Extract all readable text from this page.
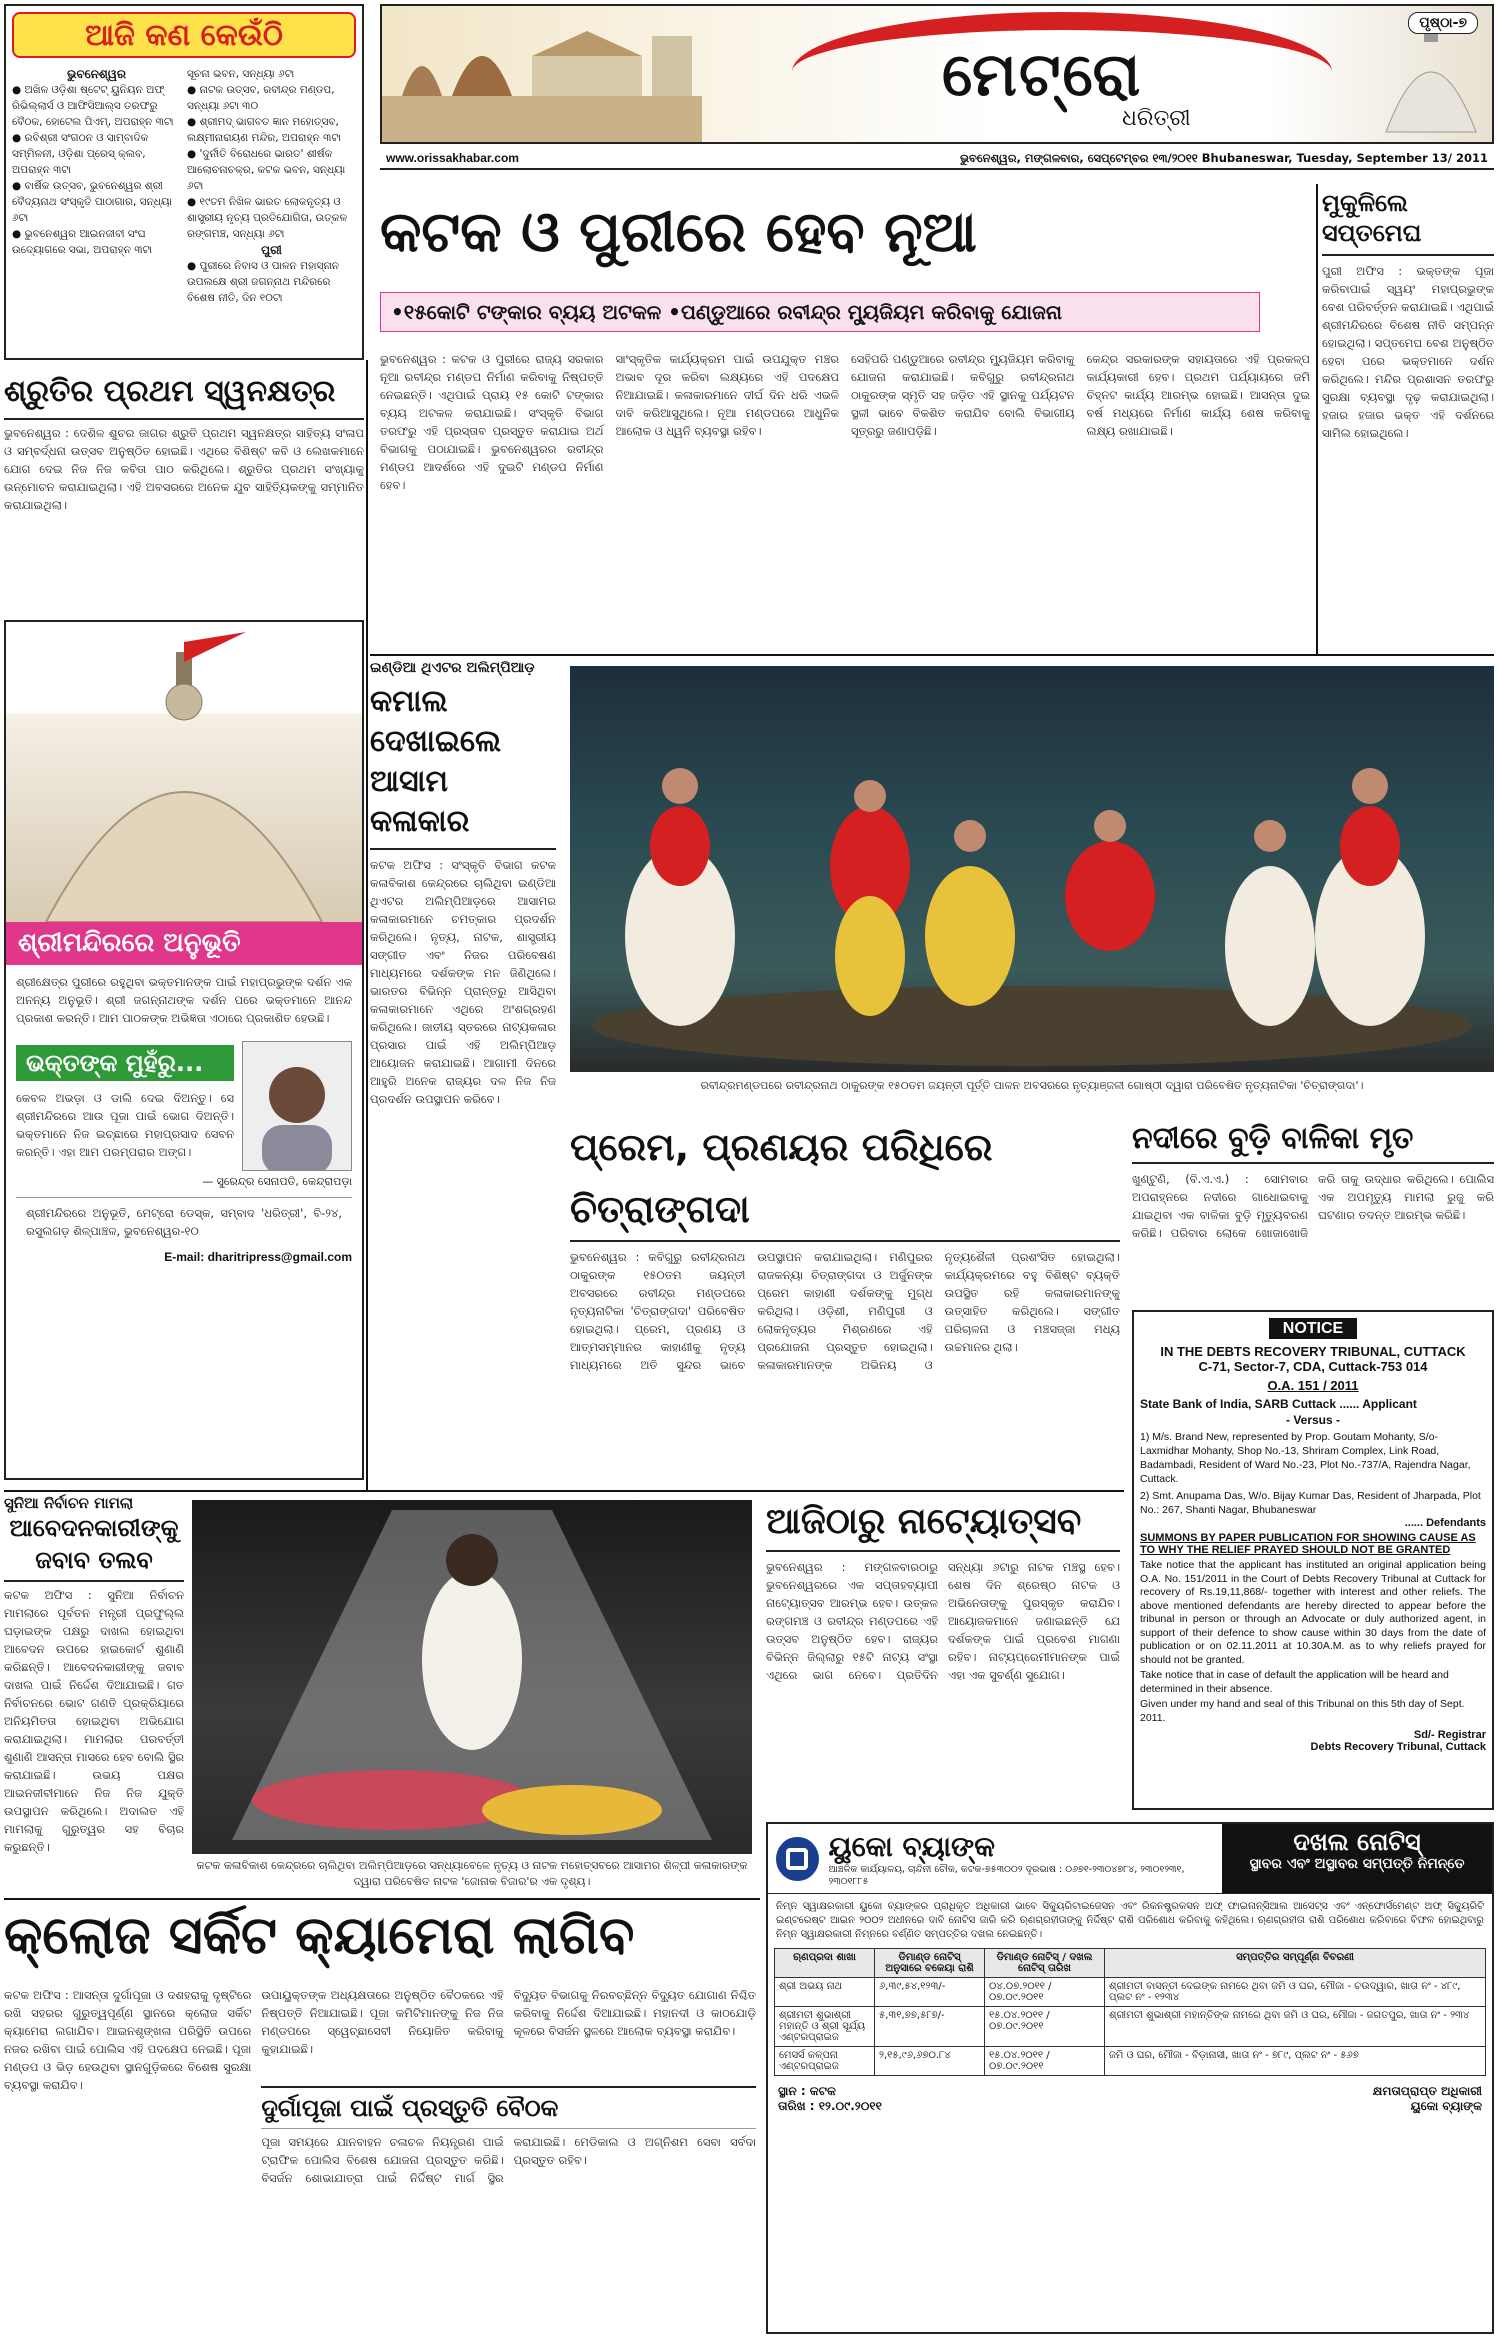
ଆଜି କଣ କେଉଁଠି
ଭୁବନେଶ୍ୱର
● ଅଖିଳ ଓଡ଼ିଶା ଷ୍ଟେଟ୍ ୟୁନିୟନ ଅଫ୍ ରିଭିଲ୍ଲାର୍ସ ଓ ଆଫିସିଆଲ୍ସ ତରଫରୁ ବୈଠକ, ହୋଟେଲ ପିଏମ୍, ଅପରାହ୍ନ ୩ଟା
● ରବିଶ୍ରୀ ସଂଗଠନ ଓ ସାମ୍ବାଦିକ ସମ୍ମିଳନୀ, ଓଡ଼ିଶା ପ୍ରେସ୍ କ୍ଲବ, ଅପରାହ୍ନ ୩ଟା
● ବାର୍ଷିକ ଉତ୍ସବ, ଭୁବନେଶ୍ୱର ଶ୍ରୀ ବୈଦ୍ୟନାଥ ସଂସ୍କୃତି ପାଠାଗାର, ସନ୍ଧ୍ୟା ୬ଟା
● ଭୁବନେଶ୍ୱର ଆଇନଜୀବୀ ସଂଘ ଉଦ୍ୟୋଗରେ ସଭା, ଅପରାହ୍ନ ୩ଟା
ସୂଚନା ଭବନ, ସନ୍ଧ୍ୟା ୬ଟା
● ନାଟକ ଉତ୍ସବ, ରବୀନ୍ଦ୍ର ମଣ୍ଡପ, ସନ୍ଧ୍ୟା ୬ଟା ୩୦
● ଶ୍ରୀମଦ୍ ଭାଗବତ ଜ୍ଞାନ ମହୋତ୍ସବ, ଲକ୍ଷ୍ମୀନାରାୟଣ ମନ୍ଦିର, ଅପରାହ୍ନ ୩ଟା
● 'ଦୁର୍ନୀତି ବିରୋଧରେ ଭାରତ' ଶୀର୍ଷକ ଆଲୋଚନାଚକ୍ର, କଟକ ଭବନ, ସନ୍ଧ୍ୟା ୬ଟା
● ୧୯ତମ ନିଖିଳ ଭାରତ ଲୋକନୃତ୍ୟ ଓ ଶାସ୍ତ୍ରୀୟ ନୃତ୍ୟ ପ୍ରତିଯୋଗିତା, ଉତ୍କଳ ରଙ୍ଗମଞ୍ଚ, ସନ୍ଧ୍ୟା ୬ଟା
ପୁରୀ
● ପୁରୀରେ ନିବାସ ଓ ପାଳନ ମହାସ୍ନାନ ଉପଲକ୍ଷେ ଶ୍ରୀ ଜଗନ୍ନାଥ ମନ୍ଦିରରେ ବିଶେଷ ନୀତି, ଦିନ ୧୦ଟା
ମେଟ୍ରୋ
ଧରିତ୍ରୀ
ପୃଷ୍ଠା-୭
www.orissakhabar.com	ଭୁବନେଶ୍ୱର, ମଙ୍ଗଳବାର, ସେପ୍ଟେମ୍ବର ୧୩/୨୦୧୧ Bhubaneswar, Tuesday, September 13/ 2011
ଶ୍ରୁତିର ପ୍ରଥମ ସ୍ୱନକ୍ଷତ୍ର
ଭୁବନେଶ୍ୱର : ଦେଶିଳ ଶୁଚର ଜାଗର ଶ୍ରୁତି ପ୍ରଥମ ସ୍ୱନକ୍ଷତ୍ର ସାହିତ୍ୟ ସଂଳାପ ଓ ସମ୍ବର୍ଦ୍ଧନା ଉତ୍ସବ ଅନୁଷ୍ଠିତ ହୋଇଛି। ଏଥିରେ ବିଶିଷ୍ଟ କବି ଓ ଲେଖକମାନେ ଯୋଗ ଦେଇ ନିଜ ନିଜ କବିତା ପାଠ କରିଥିଲେ। ଶ୍ରୁତିର ପ୍ରଥମ ସଂଖ୍ୟାକୁ ଉନ୍ମୋଚନ କରାଯାଇଥିଲା। ଏହି ଅବସରରେ ଅନେକ ଯୁବ ସାହିତ୍ୟିକଙ୍କୁ ସମ୍ମାନିତ କରାଯାଇଥିଲା।
ଶ୍ରୀମନ୍ଦିରରେ ଅନୁଭୂତି
ଶ୍ରୀକ୍ଷେତ୍ର ପୁରୀରେ ରହୁଥିବା ଭକ୍ତମାନଙ୍କ ପାଇଁ ମହାପ୍ରଭୁଙ୍କ ଦର୍ଶନ ଏକ ଅନନ୍ୟ ଅନୁଭୂତି। ଶ୍ରୀ ଜଗନ୍ନାଥଙ୍କ ଦର୍ଶନ ପରେ ଭକ୍ତମାନେ ଆନନ୍ଦ ପ୍ରକାଶ କରନ୍ତି। ଆମ ପାଠକଙ୍କ ଅଭିଜ୍ଞତା ଏଠାରେ ପ୍ରକାଶିତ ହେଉଛି।
ଭକ୍ତଙ୍କ ମୁହଁରୁ...
କେବଳ ଅଭଡ଼ା ଓ ଡାଲି ଦେଇ ଦିଅନ୍ତୁ। ସେ ଶ୍ରୀମନ୍ଦିରରେ ଆଉ ପୂଜା ପାଇଁ ଭୋଗ ଦିଅନ୍ତି। ଭକ୍ତମାନେ ନିଜ ଇଚ୍ଛାରେ ମହାପ୍ରସାଦ ସେବନ କରନ୍ତି। ଏହା ଆମ ପରମ୍ପରାର ଅଙ୍ଗ।
— ସୁରେନ୍ଦ୍ର ସେନାପତି, କେନ୍ଦ୍ରାପଡ଼ା
ଶ୍ରୀମନ୍ଦିରରେ ଅନୁଭୂତି, ମେଟ୍ରୋ ଡେସ୍କ, ସମ୍ବାଦ 'ଧରିତ୍ରୀ', ବି-୨୪, ରସୁଲଗଡ଼ ଶିଳ୍ପାଞ୍ଚଳ, ଭୁବନେଶ୍ୱର-୧୦
E-mail: dharitripress@gmail.com
କଟକ ଓ ପୁରୀରେ ହେବ ନୂଆ
•୧୫କୋଟି ଟଙ୍କାର ବ୍ୟୟ ଅଟକଳ •ପଣ୍ଡୁଆରେ ରବୀନ୍ଦ୍ର ମ୍ୟୁଜିୟମ କରିବାକୁ ଯୋଜନା
ଭୁବନେଶ୍ୱର : କଟକ ଓ ପୁରୀରେ ରାଜ୍ୟ ସରକାର ନୂଆ ରବୀନ୍ଦ୍ର ମଣ୍ଡପ ନିର୍ମାଣ କରିବାକୁ ନିଷ୍ପତ୍ତି ନେଇଛନ୍ତି। ଏଥିପାଇଁ ପ୍ରାୟ ୧୫ କୋଟି ଟଙ୍କାର ବ୍ୟୟ ଅଟକଳ କରାଯାଇଛି। ସଂସ୍କୃତି ବିଭାଗ ତରଫରୁ ଏହି ପ୍ରସ୍ତାବ ପ୍ରସ୍ତୁତ କରାଯାଇ ଅର୍ଥ ବିଭାଗକୁ ପଠାଯାଇଛି। ଭୁବନେଶ୍ୱରର ରବୀନ୍ଦ୍ର ମଣ୍ଡପ ଆଦର୍ଶରେ ଏହି ଦୁଇଟି ମଣ୍ଡପ ନିର୍ମାଣ ହେବ।
ସାଂସ୍କୃତିକ କାର୍ଯ୍ୟକ୍ରମ ପାଇଁ ଉପଯୁକ୍ତ ମଞ୍ଚର ଅଭାବ ଦୂର କରିବା ଲକ୍ଷ୍ୟରେ ଏହି ପଦକ୍ଷେପ ନିଆଯାଇଛି। କଳାକାରମାନେ ଦୀର୍ଘ ଦିନ ଧରି ଏଭଳି ଦାବି କରିଆସୁଥିଲେ। ନୂଆ ମଣ୍ଡପରେ ଆଧୁନିକ ଆଲୋକ ଓ ଧ୍ୱନି ବ୍ୟବସ୍ଥା ରହିବ।
ସେହିପରି ପଣ୍ଡୁଆରେ ରବୀନ୍ଦ୍ର ମ୍ୟୁଜିୟମ କରିବାକୁ ଯୋଜନା କରାଯାଇଛି। କବିଗୁରୁ ରବୀନ୍ଦ୍ରନାଥ ଠାକୁରଙ୍କ ସ୍ମୃତି ସହ ଜଡ଼ିତ ଏହି ସ୍ଥାନକୁ ପର୍ଯ୍ୟଟନ ସ୍ଥଳୀ ଭାବେ ବିକଶିତ କରାଯିବ ବୋଲି ବିଭାଗୀୟ ସୂତ୍ରରୁ ଜଣାପଡ଼ିଛି।
କେନ୍ଦ୍ର ସରକାରଙ୍କ ସହାୟତାରେ ଏହି ପ୍ରକଳ୍ପ କାର୍ଯ୍ୟକାରୀ ହେବ। ପ୍ରଥମ ପର୍ଯ୍ୟାୟରେ ଜମି ଚିହ୍ନଟ କାର୍ଯ୍ୟ ଆରମ୍ଭ ହୋଇଛି। ଆସନ୍ତା ଦୁଇ ବର୍ଷ ମଧ୍ୟରେ ନିର୍ମାଣ କାର୍ଯ୍ୟ ଶେଷ କରିବାକୁ ଲକ୍ଷ୍ୟ ରଖାଯାଇଛି।
ମୁକୁଳିଲେ ସପ୍ତମେଘ
ପୁରୀ ଅଫିସ : ଭକ୍ତଙ୍କ ପୂଜା କରିବାପାଇଁ ସ୍ୱୟଂ ମହାପ୍ରଭୁଙ୍କ ବେଶ ପରିବର୍ତ୍ତନ କରାଯାଇଛି। ଏଥିପାଇଁ ଶ୍ରୀମନ୍ଦିରରେ ବିଶେଷ ନୀତି ସମ୍ପନ୍ନ ହୋଇଥିଲା। ସପ୍ତମେଘ ବେଶ ଅନୁଷ୍ଠିତ ହେବା ପରେ ଭକ୍ତମାନେ ଦର୍ଶନ କରିଥିଲେ। ମନ୍ଦିର ପ୍ରଶାସନ ତରଫରୁ ସୁରକ୍ଷା ବ୍ୟବସ୍ଥା ଦୃଢ଼ କରାଯାଇଥିଲା। ହଜାର ହଜାର ଭକ୍ତ ଏହି ଦର୍ଶନରେ ସାମିଲ ହୋଇଥିଲେ।
ଇଣ୍ଡିଆ ଥିଏଟର ଅଲିମ୍ପିଆଡ଼
କମାଲ ଦେଖାଇଲେ ଆସାମ କଳାକାର
କଟକ ଅଫିସ : ସଂସ୍କୃତି ବିଭାଗ କଟକ କଳାବିକାଶ କେନ୍ଦ୍ରରେ ଚାଲିଥିବା ଇଣ୍ଡିଆ ଥିଏଟର ଅଲିମ୍ପିଆଡ଼ରେ ଆସାମର କଳାକାରମାନେ ଚମତ୍କାର ପ୍ରଦର୍ଶନ କରିଥିଲେ। ନୃତ୍ୟ, ନାଟକ, ଶାସ୍ତ୍ରୀୟ ସଙ୍ଗୀତ ଏବଂ ନିଜର ପରିବେଷଣ ମାଧ୍ୟମରେ ଦର୍ଶକଙ୍କ ମନ ଜିଣିଥିଲେ। ଭାରତର ବିଭିନ୍ନ ପ୍ରାନ୍ତରୁ ଆସିଥିବା କଳାକାରମାନେ ଏଥିରେ ଅଂଶଗ୍ରହଣ କରିଥିଲେ। ଜାତୀୟ ସ୍ତରରେ ନାଟ୍ୟକଳାର ପ୍ରସାର ପାଇଁ ଏହି ଅଲିମ୍ପିଆଡ଼ ଆୟୋଜନ କରାଯାଇଛି। ଆଗାମୀ ଦିନରେ ଆହୁରି ଅନେକ ରାଜ୍ୟର ଦଳ ନିଜ ନିଜ ପ୍ରଦର୍ଶନ ଉପସ୍ଥାପନ କରିବେ।
ରବୀନ୍ଦ୍ରମଣ୍ଡପରେ ରବୀନ୍ଦ୍ରନାଥ ଠାକୁରଙ୍କ ୧୫୦ତମ ଜୟନ୍ତୀ ପୂର୍ତ୍ତି ପାଳନ ଅବସରରେ ନୃତ୍ୟାଞ୍ଜଳୀ ଗୋଷ୍ଠୀ ଦ୍ୱାରା ପରିବେଷିତ ନୃତ୍ୟନାଟିକା 'ଚିତ୍ରାଙ୍ଗଦା'।
ପ୍ରେମ, ପ୍ରଣୟର ପରିଧିରେ ଚିତ୍ରାଙ୍ଗଦା
ଭୁବନେଶ୍ୱର : କବିଗୁରୁ ରବୀନ୍ଦ୍ରନାଥ ଠାକୁରଙ୍କ ୧୫୦ତମ ଜୟନ୍ତୀ ଅବସରରେ ରବୀନ୍ଦ୍ର ମଣ୍ଡପରେ ନୃତ୍ୟନାଟିକା 'ଚିତ୍ରାଙ୍ଗଦା' ପରିବେଷିତ ହୋଇଥିଲା। ପ୍ରେମ, ପ୍ରଣୟ ଓ ଆତ୍ମସମ୍ମାନର କାହାଣୀକୁ ନୃତ୍ୟ ମାଧ୍ୟମରେ ଅତି ସୁନ୍ଦର ଭାବେ ଉପସ୍ଥାପନ କରାଯାଇଥିଲା। ମଣିପୁରର ରାଜକନ୍ୟା ଚିତ୍ରାଙ୍ଗଦା ଓ ଅର୍ଜୁନଙ୍କ ପ୍ରେମ କାହାଣୀ ଦର୍ଶକଙ୍କୁ ମୁଗ୍ଧ କରିଥିଲା। ଓଡ଼ିଶୀ, ମଣିପୁରୀ ଓ ଲୋକନୃତ୍ୟର ମିଶ୍ରଣରେ ଏହି ପ୍ରଯୋଜନା ପ୍ରସ୍ତୁତ ହୋଇଥିଲା। କଳାକାରମାନଙ୍କ ଅଭିନୟ ଓ ନୃତ୍ୟଶୈଳୀ ପ୍ରଶଂସିତ ହୋଇଥିଲା। କାର୍ଯ୍ୟକ୍ରମରେ ବହୁ ବିଶିଷ୍ଟ ବ୍ୟକ୍ତି ଉପସ୍ଥିତ ରହି କଳାକାରମାନଙ୍କୁ ଉତ୍ସାହିତ କରିଥିଲେ। ସଙ୍ଗୀତ ପରିଚାଳନା ଓ ମଞ୍ଚସଜ୍ଜା ମଧ୍ୟ ଉଚ୍ଚମାନର ଥିଲା।
ନଦୀରେ ବୁଡ଼ି ବାଳିକା ମୃତ
ଖୁଣ୍ଟୁଣି, (ବି.ଏ.ଏ.) : ସୋମବାର ଅପରାହ୍ନରେ ନଦୀରେ ଗାଧୋଇବାକୁ ଯାଇଥିବା ଏକ ବାଳିକା ବୁଡ଼ି ମୃତ୍ୟୁବରଣ କରିଛି। ପରିବାର ଲୋକେ ଖୋଜାଖୋଜି କରି ତାକୁ ଉଦ୍ଧାର କରିଥିଲେ। ପୋଲିସ ଏକ ଅପମୃତ୍ୟୁ ମାମଲା ରୁଜୁ କରି ଘଟଣାର ତଦନ୍ତ ଆରମ୍ଭ କରିଛି।
NOTICE
IN THE DEBTS RECOVERY TRIBUNAL, CUTTACK
C-71, Sector-7, CDA, Cuttack-753 014
O.A. 151 / 2011
State Bank of India, SARB Cuttack ...... Applicant
- Versus -
1) M/s. Brand New, represented by Prop. Goutam Mohanty, S/o-Laxmidhar Mohanty, Shop No.-13, Shriram Complex, Link Road, Badambadi, Resident of Ward No.-23, Plot No.-737/A, Rajendra Nagar, Cuttack.
2) Smt. Anupama Das, W/o. Bijay Kumar Das, Resident of Jharpada, Plot No.: 267, Shanti Nagar, Bhubaneswar
...... Defendants
SUMMONS BY PAPER PUBLICATION FOR SHOWING CAUSE AS TO WHY THE RELIEF PRAYED SHOULD NOT BE GRANTED
Take notice that the applicant has instituted an original application being O.A. No. 151/2011 in the Court of Debts Recovery Tribunal at Cuttack for recovery of Rs.19,11,868/- together with interest and other reliefs. The above mentioned defendants are hereby directed to appear before the tribunal in person or through an Advocate or duly authorized agent, in support of their defence to show cause within 30 days from the date of publication or on 02.11.2011 at 10.30A.M. as to why reliefs prayed for should not be granted.
Take notice that in case of default the application will be heard and determined in their absence.
Given under my hand and seal of this Tribunal on this 5th day of Sept. 2011.
Sd/- Registrar
Debts Recovery Tribunal, Cuttack
ସୁନିଆ ନିର୍ବାଚନ ମାମଲା
ଆବେଦନକାରୀଙ୍କୁ ଜବାବ ତଲବ
କଟକ ଅଫିସ : ସୁନିଆ ନିର୍ବାଚନ ମାମଲାରେ ପୂର୍ବତନ ମନ୍ତ୍ରୀ ପ୍ରଫୁଲ୍ଲ ଘଡ଼ାଇଙ୍କ ପକ୍ଷରୁ ଦାଖଲ ହୋଇଥିବା ଆବେଦନ ଉପରେ ହାଇକୋର୍ଟ ଶୁଣାଣି କରିଛନ୍ତି। ଆବେଦନକାରୀଙ୍କୁ ଜବାବ ଦାଖଲ ପାଇଁ ନିର୍ଦ୍ଦେଶ ଦିଆଯାଇଛି। ଗତ ନିର୍ବାଚନରେ ଭୋଟ ଗଣତି ପ୍ରକ୍ରିୟାରେ ଅନିୟମିତତା ହୋଇଥିବା ଅଭିଯୋଗ କରାଯାଇଥିଲା। ମାମଲାର ପରବର୍ତ୍ତୀ ଶୁଣାଣି ଆସନ୍ତା ମାସରେ ହେବ ବୋଲି ସ୍ଥିର କରାଯାଇଛି। ଉଭୟ ପକ୍ଷର ଆଇନଜୀବୀମାନେ ନିଜ ନିଜ ଯୁକ୍ତି ଉପସ୍ଥାପନ କରିଥିଲେ। ଅଦାଲତ ଏହି ମାମଲାକୁ ଗୁରୁତ୍ୱର ସହ ବିଚାର କରୁଛନ୍ତି।
କଟକ କଳାବିକାଶ କେନ୍ଦ୍ରରେ ଚାଲିଥିବା ଅଲିମ୍ପିଆଡ଼ରେ ସନ୍ଧ୍ୟାବେଳେ ନୃତ୍ୟ ଓ ନାଟକ ମହୋତ୍ସବରେ ଆସାମର ଶିଳ୍ପୀ କଳାକାରଙ୍କ ଦ୍ୱାରା ପରିବେଷିତ ନାଟକ 'ଜୋନାକ ବିଜାର'ର ଏକ ଦୃଶ୍ୟ।
ଆଜିଠାରୁ ନାଟ୍ୟୋତ୍ସବ
ଭୁବନେଶ୍ୱର : ମଙ୍ଗଳବାରଠାରୁ ଭୁବନେଶ୍ୱରରେ ଏକ ସପ୍ତାହବ୍ୟାପୀ ନାଟ୍ୟୋତ୍ସବ ଆରମ୍ଭ ହେବ। ଉତ୍କଳ ରଙ୍ଗମଞ୍ଚ ଓ ରବୀନ୍ଦ୍ର ମଣ୍ଡପରେ ଏହି ଉତ୍ସବ ଅନୁଷ୍ଠିତ ହେବ। ରାଜ୍ୟର ବିଭିନ୍ନ ଜିଲ୍ଲାରୁ ୧୫ଟି ନାଟ୍ୟ ସଂସ୍ଥା ଏଥିରେ ଭାଗ ନେବେ। ପ୍ରତିଦିନ ସନ୍ଧ୍ୟା ୬ଟାରୁ ନାଟକ ମଞ୍ଚସ୍ଥ ହେବ। ଶେଷ ଦିନ ଶ୍ରେଷ୍ଠ ନାଟକ ଓ ଅଭିନେତାଙ୍କୁ ପୁରସ୍କୃତ କରାଯିବ। ଆୟୋଜକମାନେ ଜଣାଇଛନ୍ତି ଯେ ଦର୍ଶକଙ୍କ ପାଇଁ ପ୍ରବେଶ ମାଗଣା ରହିବ। ନାଟ୍ୟପ୍ରେମୀମାନଙ୍କ ପାଇଁ ଏହା ଏକ ସୁବର୍ଣ୍ଣ ସୁଯୋଗ।
କ୍ଲୋଜ ସର୍କିଟ କ୍ୟାମେରା ଲାଗିବ
କଟକ ଅଫିସ : ଆସନ୍ତା ଦୁର୍ଗାପୂଜା ଓ ଦଶହରାକୁ ଦୃଷ୍ଟିରେ ରଖି ସହରର ଗୁରୁତ୍ୱପୂର୍ଣ୍ଣ ସ୍ଥାନରେ କ୍ଲୋଜ ସର୍କିଟ କ୍ୟାମେରା ଲଗାଯିବ। ଆଇନଶୃଙ୍ଖଳା ପରିସ୍ଥିତି ଉପରେ ନଜର ରଖିବା ପାଇଁ ପୋଲିସ ଏହି ପଦକ୍ଷେପ ନେଇଛି। ପୂଜା ମଣ୍ଡପ ଓ ଭିଡ଼ ହେଉଥିବା ସ୍ଥାନଗୁଡ଼ିକରେ ବିଶେଷ ସୁରକ୍ଷା ବ୍ୟବସ୍ଥା କରାଯିବ।
ଉପାୟୁକ୍ତଙ୍କ ଅଧ୍ୟକ୍ଷତାରେ ଅନୁଷ୍ଠିତ ବୈଠକରେ ଏହି ନିଷ୍ପତ୍ତି ନିଆଯାଇଛି। ପୂଜା କମିଟିମାନଙ୍କୁ ନିଜ ନିଜ ମଣ୍ଡପରେ ସ୍ୱେଚ୍ଛାସେବୀ ନିୟୋଜିତ କରିବାକୁ କୁହାଯାଇଛି।
ବିଦ୍ୟୁତ ବିଭାଗକୁ ନିରବଚ୍ଛିନ୍ନ ବିଦ୍ୟୁତ ଯୋଗାଣ ନିଶ୍ଚିତ କରିବାକୁ ନିର୍ଦ୍ଦେଶ ଦିଆଯାଇଛି। ମହାନଦୀ ଓ କାଠଯୋଡ଼ି କୂଳରେ ବିସର୍ଜନ ସ୍ଥଳରେ ଆଲୋକ ବ୍ୟବସ୍ଥା କରାଯିବ।
ଦୁର୍ଗାପୂଜା ପାଇଁ ପ୍ରସ୍ତୁତି ବୈଠକ
ପୂଜା ସମୟରେ ଯାନବାହନ ଚଳାଚଳ ନିୟନ୍ତ୍ରଣ ପାଇଁ ଟ୍ରାଫିକ ପୋଲିସ ବିଶେଷ ଯୋଜନା ପ୍ରସ୍ତୁତ କରିଛି। ବିସର୍ଜନ ଶୋଭାଯାତ୍ରା ପାଇଁ ନିର୍ଦ୍ଦିଷ୍ଟ ମାର୍ଗ ସ୍ଥିର କରାଯାଇଛି। ମେଡିକାଲ ଓ ଅଗ୍ନିଶମ ସେବା ସର୍ବଦା ପ୍ରସ୍ତୁତ ରହିବ।
ୟୁକୋ ବ୍ୟାଙ୍କ
ଆଞ୍ଚଳିକ କାର୍ଯ୍ୟାଳୟ, ଚାନ୍ଦିନୀ ଚୌକ, କଟକ-୭୫୩୦୦୨ ଦୂରଭାଷ : ୦୬୭୧-୨୩୦୪୭୮୪, ୨୩୦୧୨୩୧, ୨୩୦୧୮୮୫
ଦଖଲ ନୋଟିସ୍
ସ୍ଥାବର ଏବଂ ଅସ୍ଥାବର ସମ୍ପତ୍ତି ନିମନ୍ତେ
ନିମ୍ନ ସ୍ୱାକ୍ଷରକାରୀ ୟୁକୋ ବ୍ୟାଙ୍କର ପ୍ରାଧିକୃତ ଅଧିକାରୀ ଭାବେ ସିକ୍ୟୁରିଟାଇଜେସନ ଏବଂ ରିକନଷ୍ଟ୍ରକସନ ଅଫ୍ ଫାଇନାନ୍ସିଆଲ ଆସେଟ୍ସ ଏବଂ ଏନ୍ଫୋର୍ସମେଣ୍ଟ ଅଫ୍ ସିକ୍ୟୁରିଟି ଇଣ୍ଟରେଷ୍ଟ ଆଇନ ୨୦୦୨ ଅଧୀନରେ ଦାବି ନୋଟିସ ଜାରି କରି ଋଣଗ୍ରହୀତାଙ୍କୁ ନିର୍ଦ୍ଦିଷ୍ଟ ରାଶି ପରିଶୋଧ କରିବାକୁ କହିଥିଲେ। ଋଣଗ୍ରହୀତା ରାଶି ପରିଶୋଧ କରିବାରେ ବିଫଳ ହୋଇଥିବାରୁ ନିମ୍ନ ସ୍ୱାକ୍ଷରକାରୀ ନିମ୍ନରେ ବର୍ଣ୍ଣିତ ସମ୍ପତ୍ତିର ଦଖଲ ନେଇଛନ୍ତି।
ଋଣପ୍ରଦା ଶାଖା	ଡିମାଣ୍ଡ ନୋଟିସ୍ ଅନୁସାରେ ବକେୟା ରାଶି	ଡିମାଣ୍ଡ ନୋଟିସ୍ / ଦଖଲ ନୋଟିସ୍ ତାରିଖ	ସମ୍ପତ୍ତିର ସମ୍ପୂର୍ଣ୍ଣ ବିବରଣୀ
ଶ୍ରୀ ଅଭୟ ନାଥ	୬,୩୯,୫୪,୧୨୩/-	୦୪.୦୭.୨୦୧୧ / ୦୭.୦୯.୨୦୧୧	ଶ୍ରୀମତୀ ବାସନ୍ତୀ ଦେଇଙ୍କ ନାମରେ ଥିବା ଜମି ଓ ଘର, ମୌଜା - ଚଉଦ୍ୱାର, ଖାତା ନଂ - ୪୮୯, ପ୍ଲଟ ନଂ - ୧୨୩୪
ଶ୍ରୀମତୀ ଶୁଭାଶ୍ରୀ ମହାନ୍ତି ଓ ଶ୍ରୀ ସୂର୍ଯ୍ୟ ଏଣ୍ଟରପ୍ରାଇଜ	୫,୩୧,୭୭,୫୮୭/-	୧୫.୦୪.୨୦୧୧ / ୦୭.୦୯.୨୦୧୧	ଶ୍ରୀମତୀ ଶୁଭାଶ୍ରୀ ମହାନ୍ତିଙ୍କ ନାମରେ ଥିବା ଜମି ଓ ଘର, ମୌଜା - ଜଗତପୁର, ଖାତା ନଂ - ୨୩୪
ମେସର୍ସ କଳ୍ପନା ଏଣ୍ଟରପ୍ରାଇଜ	୨,୧୫,୯୬,୬୭୦.୮୪	୧୫.୦୪.୨୦୧୧ / ୦୭.୦୯.୨୦୧୧	ଜମି ଓ ଘର, ମୌଜା - ବିଡ଼ାନାସୀ, ଖାତା ନଂ - ୭୮୯, ପ୍ଲଟ ନଂ - ୫୬୭
ସ୍ଥାନ : କଟକ
ତାରିଖ : ୧୨.୦୯.୨୦୧୧
କ୍ଷମତାପ୍ରାପ୍ତ ଅଧିକାରୀ
ୟୁକୋ ବ୍ୟାଙ୍କ
